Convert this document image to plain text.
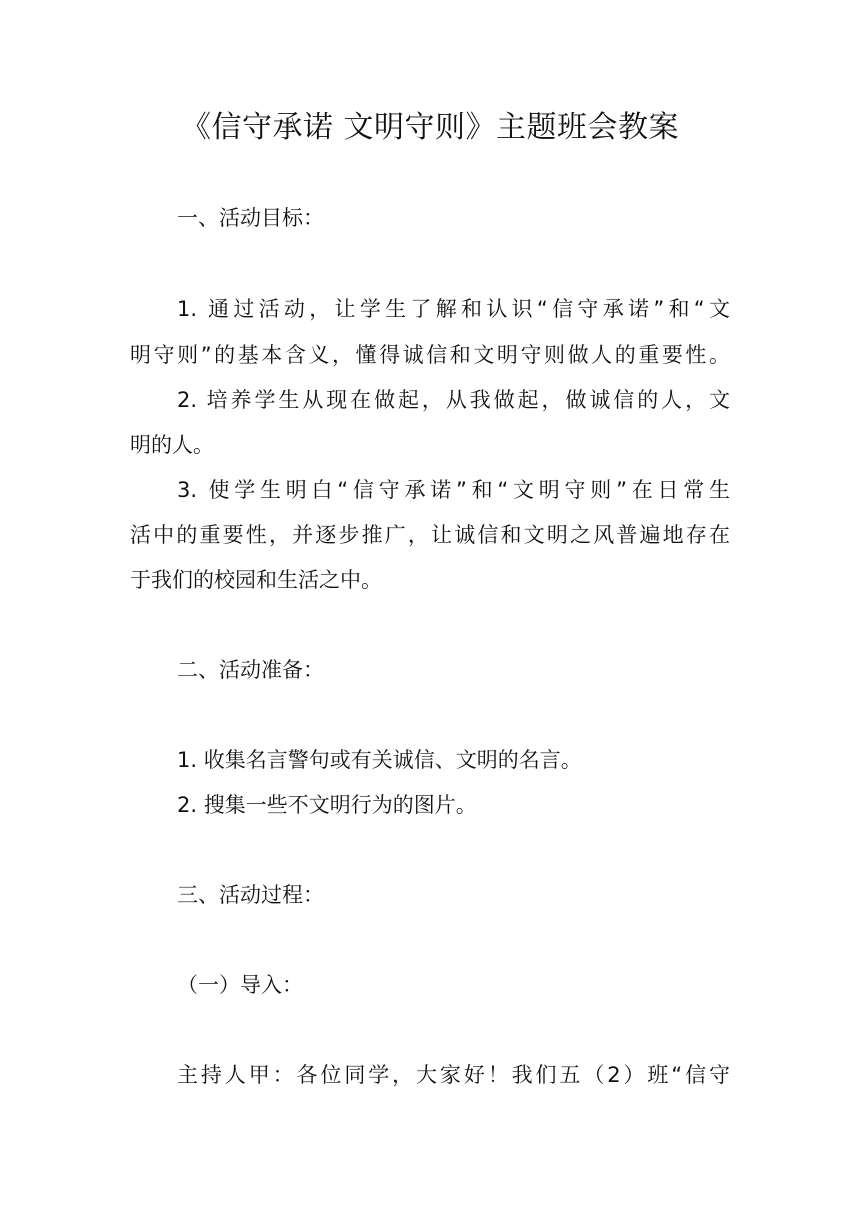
《信守承诺 文明守则》主题班会教案
一、活动目标：
1. 通过活动，让学生了解和认识“信守承诺”和“文
明守则”的基本含义，懂得诚信和文明守则做人的重要性。
2. 培养学生从现在做起，从我做起，做诚信的人，文
明的人。
3. 使学生明白“信守承诺”和“文明守则”在日常生
活中的重要性，并逐步推广，让诚信和文明之风普遍地存在
于我们的校园和生活之中。
二、活动准备：
1. 收集名言警句或有关诚信、文明的名言。
2. 搜集一些不文明行为的图片。
三、活动过程：
（一）导入：
主持人甲：各位同学，大家好！我们五（2）班“信守
